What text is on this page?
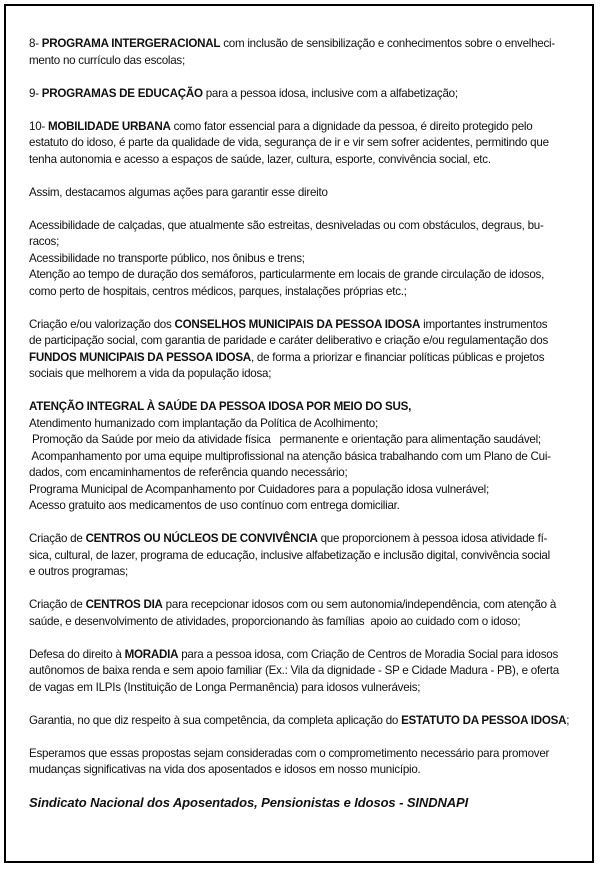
8- PROGRAMA INTERGERACIONAL com inclusão de sensibilização e conhecimentos sobre o envelheci-
mento no currículo das escolas;
9- PROGRAMAS DE EDUCAÇÃO para a pessoa idosa, inclusive com a alfabetização;
10- MOBILIDADE URBANA como fator essencial para a dignidade da pessoa, é direito protegido pelo
estatuto do idoso, é parte da qualidade de vida, segurança de ir e vir sem sofrer acidentes, permitindo que
tenha autonomia e acesso a espaços de saúde, lazer, cultura, esporte, convivência social, etc.
Assim, destacamos algumas ações para garantir esse direito
Acessibilidade de calçadas, que atualmente são estreitas, desniveladas ou com obstáculos, degraus, bu-
racos;
Acessibilidade no transporte público, nos ônibus e trens;
Atenção ao tempo de duração dos semáforos, particularmente em locais de grande circulação de idosos,
como perto de hospitais, centros médicos, parques, instalações próprias etc.;
Criação e/ou valorização dos CONSELHOS MUNICIPAIS DA PESSOA IDOSA importantes instrumentos
de participação social, com garantia de paridade e caráter deliberativo e criação e/ou regulamentação dos
FUNDOS MUNICIPAIS DA PESSOA IDOSA, de forma a priorizar e financiar políticas públicas e projetos
sociais que melhorem a vida da população idosa;
ATENÇÃO INTEGRAL À SAÚDE DA PESSOA IDOSA POR MEIO DO SUS,
Atendimento humanizado com implantação da Política de Acolhimento;
Promoção da Saúde por meio da atividade física   permanente e orientação para alimentação saudável;
Acompanhamento por uma equipe multiprofissional na atenção básica trabalhando com um Plano de Cui-
dados, com encaminhamentos de referência quando necessário;
Programa Municipal de Acompanhamento por Cuidadores para a população idosa vulnerável;
Acesso gratuito aos medicamentos de uso contínuo com entrega domiciliar.
Criação de CENTROS OU NÚCLEOS DE CONVIVÊNCIA que proporcionem à pessoa idosa atividade fí-
sica, cultural, de lazer, programa de educação, inclusive alfabetização e inclusão digital, convivência social
e outros programas;
Criação de CENTROS DIA para recepcionar idosos com ou sem autonomia/independência, com atenção à
saúde, e desenvolvimento de atividades, proporcionando às famílias  apoio ao cuidado com o idoso;
Defesa do direito à MORADIA para a pessoa idosa, com Criação de Centros de Moradia Social para idosos
autônomos de baixa renda e sem apoio familiar (Ex.: Vila da dignidade - SP e Cidade Madura - PB), e oferta
de vagas em ILPIs (Instituição de Longa Permanência) para idosos vulneráveis;
Garantia, no que diz respeito à sua competência, da completa aplicação do ESTATUTO DA PESSOA IDOSA;
Esperamos que essas propostas sejam consideradas com o comprometimento necessário para promover
mudanças significativas na vida dos aposentados e idosos em nosso município.
Sindicato Nacional dos Aposentados, Pensionistas e Idosos - SINDNAPI
